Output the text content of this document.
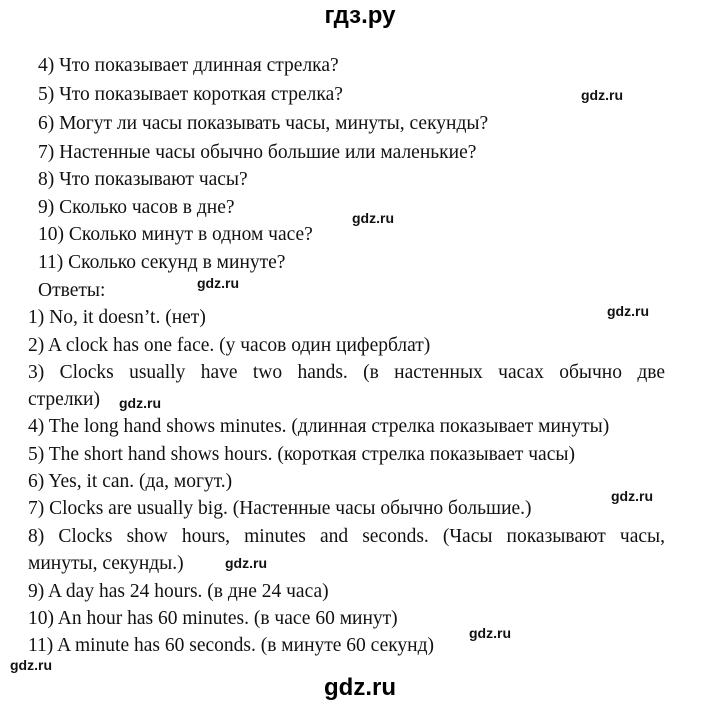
гдз.ру
4) Что показывает длинная стрелка?
5) Что показывает короткая стрелка?
6) Могут ли часы показывать часы, минуты, секунды?
7) Настенные часы обычно большие или маленькие?
8) Что показывают часы?
9) Сколько часов в дне?
10) Сколько минут в одном часе?
11) Сколько секунд в минуте?
Ответы:
1) No, it doesn’t. (нет)
2) A clock has one face. (у часов один циферблат)
3) Clocks usually have two hands. (в настенных часах обычно две
стрелки)
4) The long hand shows minutes. (длинная стрелка показывает минуты)
5) The short hand shows hours. (короткая стрелка показывает часы)
6) Yes, it can. (да, могут.)
7) Clocks are usually big. (Настенные часы обычно большие.)
8) Clocks show hours, minutes and seconds. (Часы показывают часы,
минуты, секунды.)
9) A day has 24 hours. (в дне 24 часа)
10) An hour has 60 minutes. (в часе 60 минут)
11) A minute has 60 seconds. (в минуте 60 секунд)
gdz.ru
gdz.ru
gdz.ru
gdz.ru
gdz.ru
gdz.ru
gdz.ru
gdz.ru
gdz.ru
gdz.ru
